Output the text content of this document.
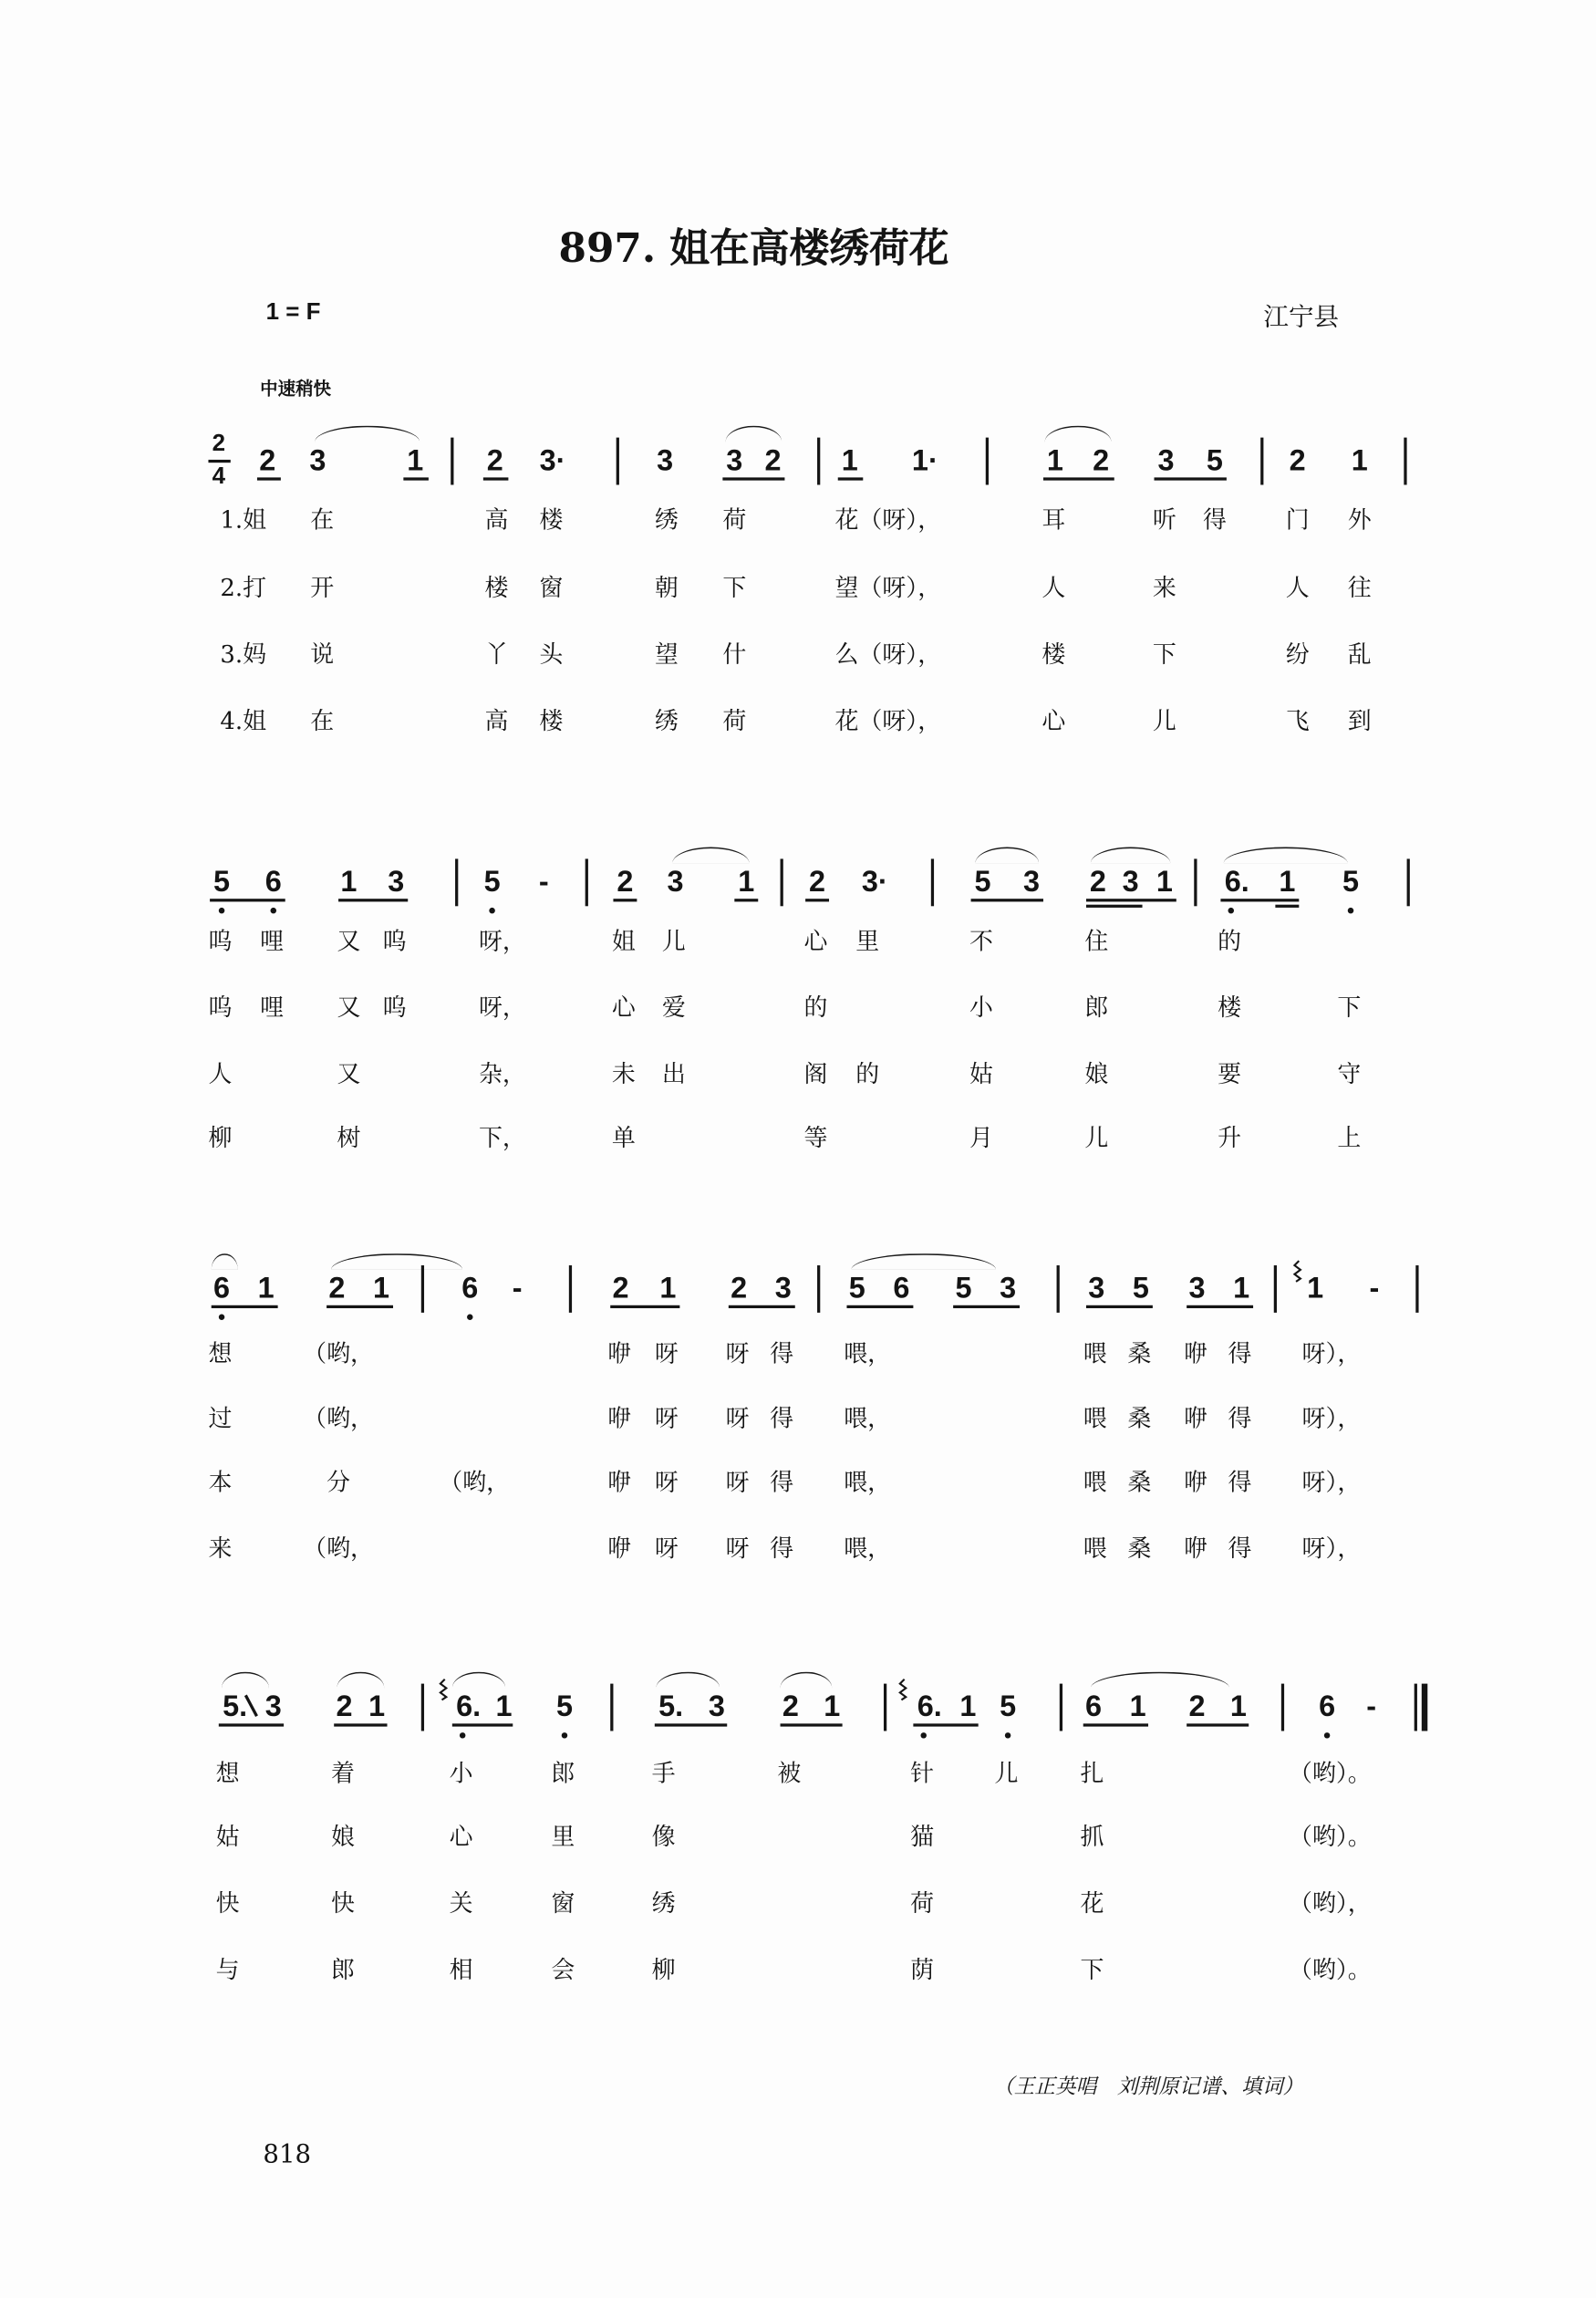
897. 姐在高楼绣荷花
1 = F	江宁县
中速稍快
2
4
（王正英唱　刘荆原记谱、填词）
818
2 3	1	2 3·	3	3 2	1	1·	1 2	3 5	2	1
1.姐	在	高 楼	绣	荷	花（呀），	耳	听 得	门	外
2.打	开	楼 窗	朝	下	望（呀），	人	来	人	往
3.妈	说	丫 头	望	什	么（呀），	楼	下	纷	乱
4.姐	在	高 楼	绣	荷	花（呀），	心	儿	飞	到
5 6	1 3	5 -	2 3	1	2 3·	5 3	2 3 1	6. 1	5
呜 哩	又 呜	呀，	姐 儿	心 里	不	住	的
呜 哩	又 呜	呀，	心 爱	的	小	郎	楼	下
人	又	杂，	未 出	阁 的	姑	娘	要	守
柳	树	下，	单	等	月	儿	升	上
6 1	2 1	6 -	2 1	2 3	5 6	5 3	3 5 3 1	1	-
想	（哟，	咿 呀	呀 得	喂，	喂 桑 咿 得	呀），
过	（哟，	咿 呀	呀 得	喂，	喂 桑 咿 得	呀），
本	分	（哟，	咿 呀	呀 得	喂，	喂 桑 咿 得	呀），
来	（哟，	咿 呀	呀 得	喂，	喂 桑 咿 得	呀），
5. 3	2 1	6. 1 5	5. 3	2 1	6. 1 5	6 1 2 1	6 -
想	着	小	郎	手	被	针	儿	扎	（哟）。
姑	娘	心	里	像	猫	抓	（哟）。
快	快	关	窗	绣	荷	花	（哟），
与	郎	相	会	柳	荫	下	（哟）。
